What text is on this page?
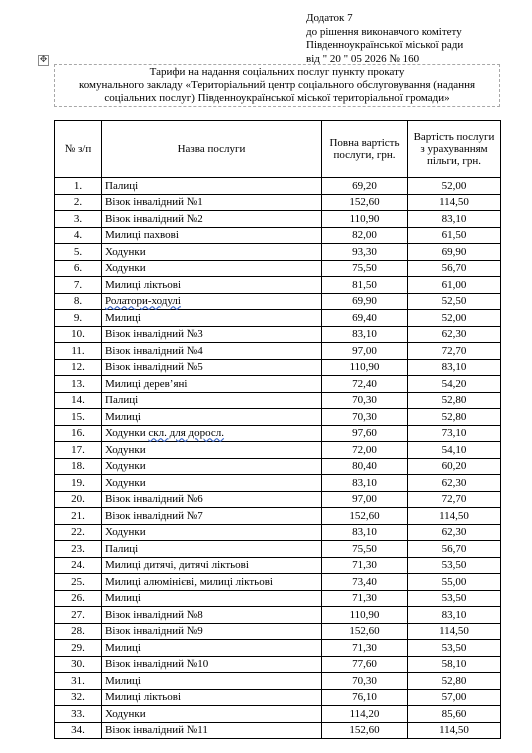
Додаток 7
до рішення виконавчого комітету
Південноукраїнської міської ради
від " 20 " 05 2026 № 160
✥
Тарифи на надання соціальних послуг пункту прокату
комунального закладу «Територіальний центр соціального обслуговування (надання
соціальних послуг) Південноукраїнської міської територіальної громади»
№ з/п	Назва послуги	Повна вартість послуги, грн.	Вартість послуги з урахуванням пільги, грн.
1.	Палиці	69,20	52,00
2.	Візок інвалідний №1	152,60	114,50
3.	Візок інвалідний №2	110,90	83,10
4.	Милиці пахвові	82,00	61,50
5.	Ходунки	93,30	69,90
6.	Ходунки	75,50	56,70
7.	Милиці ліктьові	81,50	61,00
8.	Ролатори-ходулі	69,90	52,50
9.	Милиці	69,40	52,00
10.	Візок інвалідний №3	83,10	62,30
11.	Візок інвалідний №4	97,00	72,70
12.	Візок інвалідний №5	110,90	83,10
13.	Милиці дерев’яні	72,40	54,20
14.	Палиці	70,30	52,80
15.	Милиці	70,30	52,80
16.	Ходунки скл. для доросл.	97,60	73,10
17.	Ходунки	72,00	54,10
18.	Ходунки	80,40	60,20
19.	Ходунки	83,10	62,30
20.	Візок інвалідний №6	97,00	72,70
21.	Візок інвалідний №7	152,60	114,50
22.	Ходунки	83,10	62,30
23.	Палиці	75,50	56,70
24.	Милиці дитячі, дитячі ліктьові	71,30	53,50
25.	Милиці алюмінієві, милиці ліктьові	73,40	55,00
26.	Милиці	71,30	53,50
27.	Візок інвалідний №8	110,90	83,10
28.	Візок інвалідний №9	152,60	114,50
29.	Милиці	71,30	53,50
30.	Візок інвалідний №10	77,60	58,10
31.	Милиці	70,30	52,80
32.	Милиці ліктьові	76,10	57,00
33.	Ходунки	114,20	85,60
34.	Візок інвалідний №11	152,60	114,50
